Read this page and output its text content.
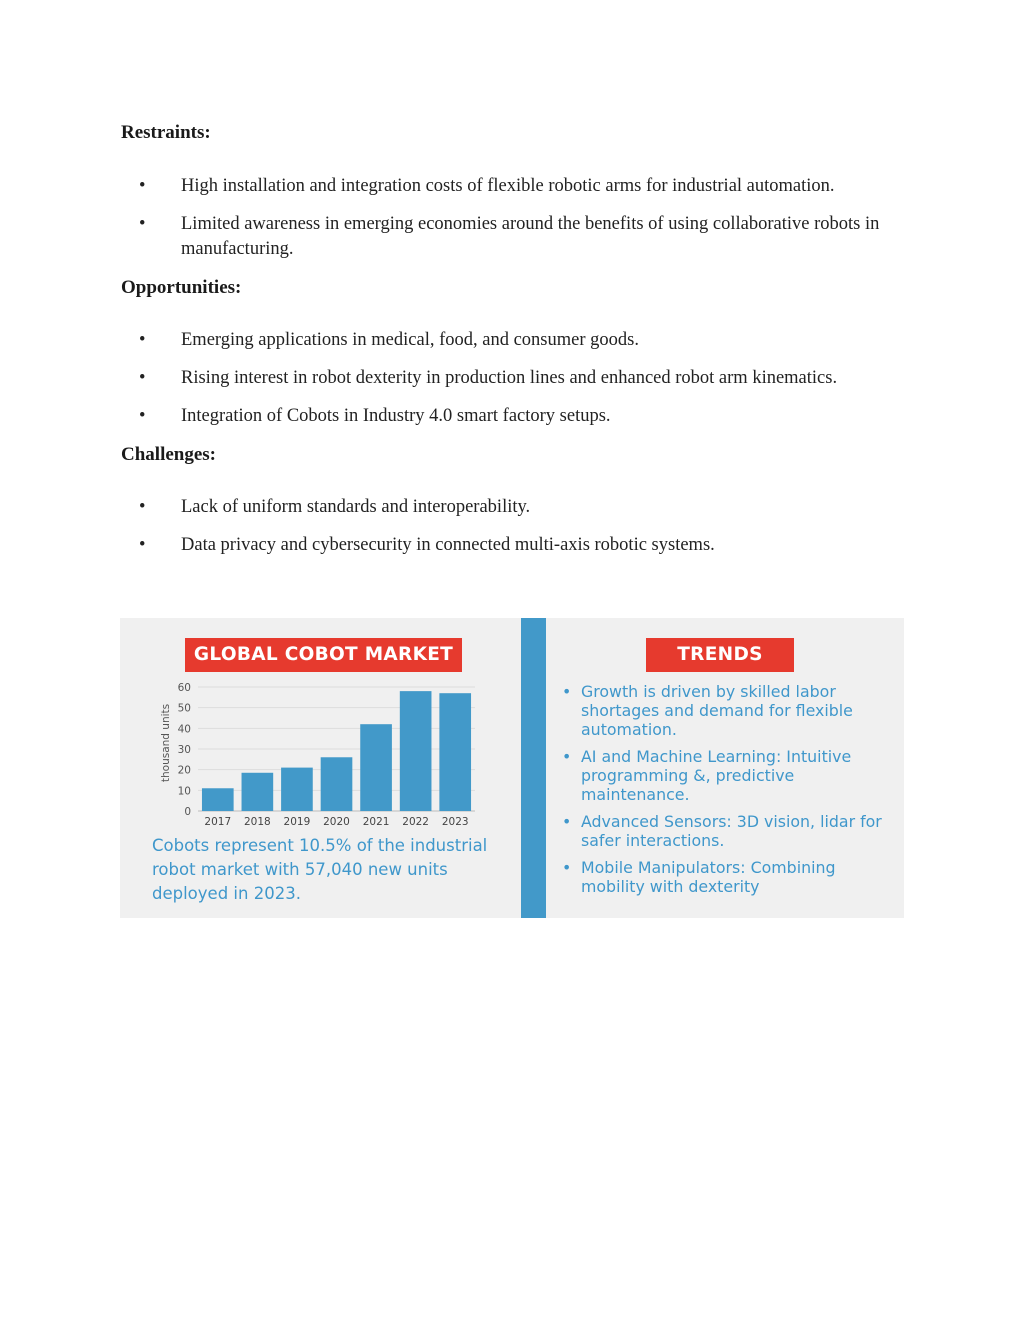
Restraints:
• High installation and integration costs of flexible robotic arms for industrial automation.
• Limited awareness in emerging economies around the benefits of using collaborative robots in manufacturing.
Opportunities:
• Emerging applications in medical, food, and consumer goods.
• Rising interest in robot dexterity in production lines and enhanced robot arm kinematics.
• Integration of Cobots in Industry 4.0 smart factory setups.
Challenges:
• Lack of uniform standards and interoperability.
• Data privacy and cybersecurity in connected multi-axis robotic systems.
GLOBAL COBOT MARKET
0
10
20
30
40
50
60
thousand units
2017 2018 2019 2020 2021 2022 2023
Cobots represent 10.5% of the industrial robot market with 57,040 new units deployed in 2023.
TRENDS
• Growth is driven by skilled labor shortages and demand for flexible automation.
• AI and Machine Learning: Intuitive programming &, predictive maintenance.
• Advanced Sensors: 3D vision, lidar for safer interactions.
• Mobile Manipulators: Combining mobility with dexterity
